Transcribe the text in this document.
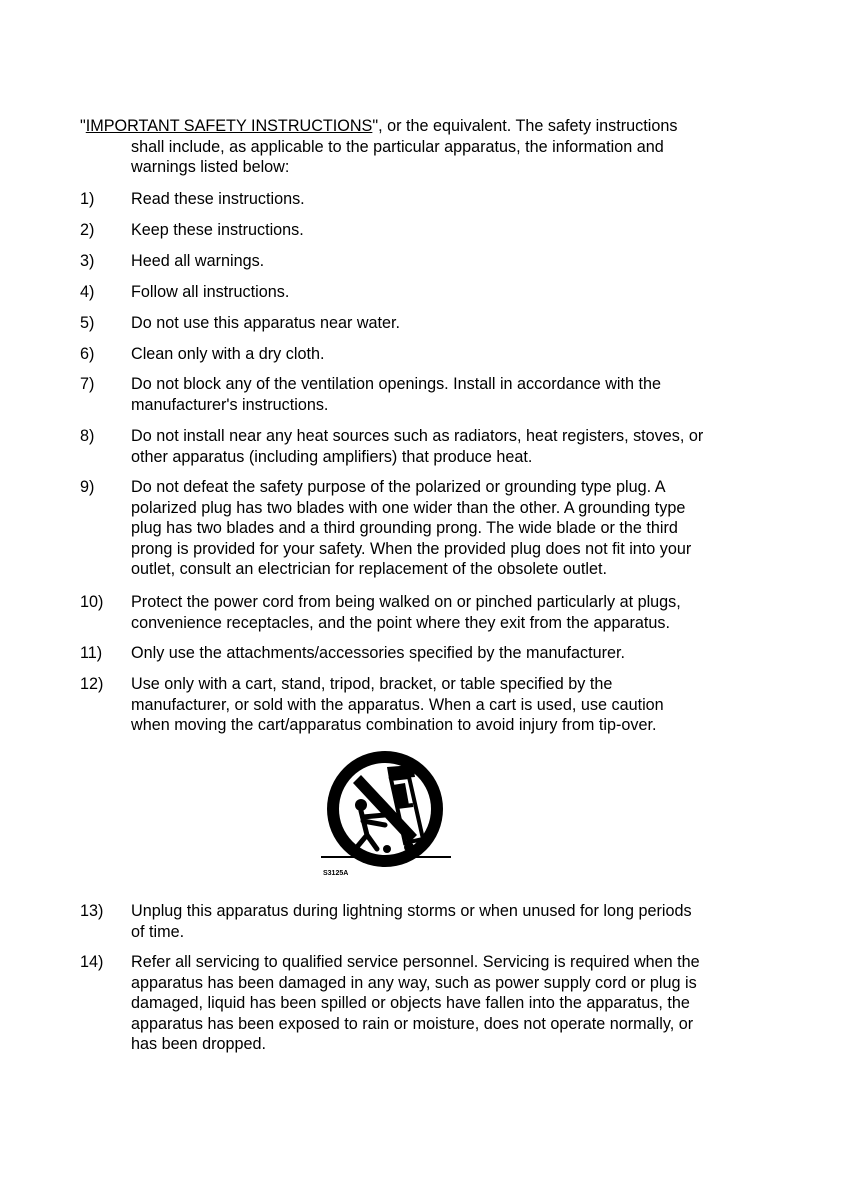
"IMPORTANT SAFETY INSTRUCTIONS", or the equivalent. The safety instructions
shall include, as applicable to the particular apparatus, the information and
warnings listed below:
1)	Read these instructions.
2)	Keep these instructions.
3)	Heed all warnings.
4)	Follow all instructions.
5)	Do not use this apparatus near water.
6)	Clean only with a dry cloth.
7)	Do not block any of the ventilation openings. Install in accordance with the
manufacturer's instructions.
8)	Do not install near any heat sources such as radiators, heat registers, stoves, or
other apparatus (including amplifiers) that produce heat.
9)	Do not defeat the safety purpose of the polarized or grounding type plug. A
polarized plug has two blades with one wider than the other. A grounding type
plug has two blades and a third grounding prong. The wide blade or the third
prong is provided for your safety. When the provided plug does not fit into your
outlet, consult an electrician for replacement of the obsolete outlet.
10)	Protect the power cord from being walked on or pinched particularly at plugs,
convenience receptacles, and the point where they exit from the apparatus.
11)	Only use the attachments/accessories specified by the manufacturer.
12)	Use only with a cart, stand, tripod, bracket, or table specified by the
manufacturer, or sold with the apparatus. When a cart is used, use caution
when moving the cart/apparatus combination to avoid injury from tip-over.
13)	Unplug this apparatus during lightning storms or when unused for long periods
of time.
14)	Refer all servicing to qualified service personnel. Servicing is required when the
apparatus has been damaged in any way, such as power supply cord or plug is
damaged, liquid has been spilled or objects have fallen into the apparatus, the
apparatus has been exposed to rain or moisture, does not operate normally, or
has been dropped.
S3125A
